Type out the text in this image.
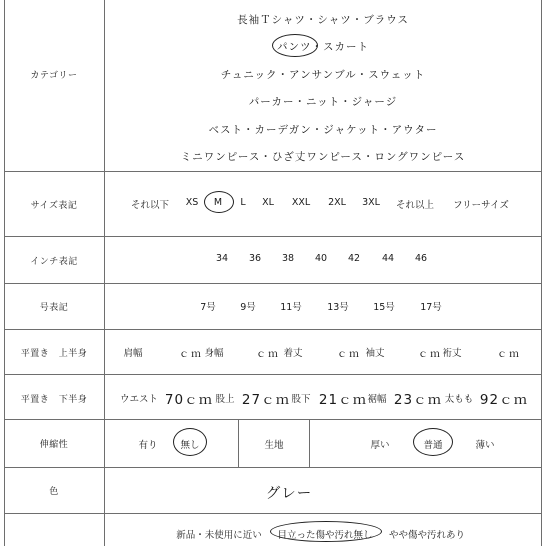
カテゴリー
長袖Ｔシャツ・シャツ・ブラウス
パンツ・スカート
チュニック・アンサンブル・スウェット
パーカー・ニット・ジャージ
ベスト・カーデガン・ジャケット・アウター
ミニワンピース・ひざ丈ワンピース・ロングワンピース
サイズ表記	それ以下 XS M L XL XXL 2XL 3XL それ以上 フリーサイズ
インチ表記	34 36 38 40 42 44 46
号表記	7号	9号	11号	13号	15号	17号
平置き　上半身	肩幅	ｃｍ 身幅	ｃｍ 着丈	ｃｍ 袖丈	ｃｍ 裄丈	ｃｍ
平置き　下半身	ウエスト 70ｃｍ 股上 27ｃｍ 股下 21ｃｍ 裾幅 23ｃｍ 太もも 92ｃｍ
伸縮性	有り 無し	生地	厚い	普通	薄い
色	グレー
新品・未使用に近い 目立った傷や汚れ無し やや傷や汚れあり
